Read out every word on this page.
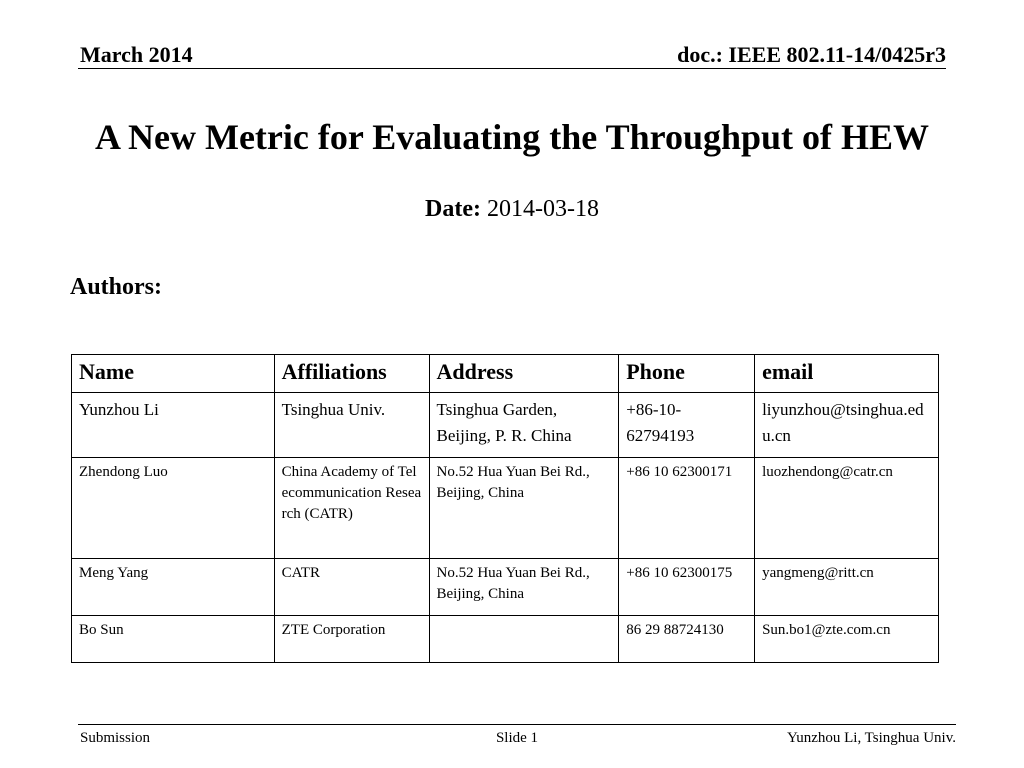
March 2014	doc.: IEEE 802.11-14/0425r3
A New Metric for Evaluating the Throughput of HEW
Date: 2014-03-18
Authors:
Name	Affiliations	Address	Phone	email
Yunzhou Li	Tsinghua Univ.	Tsinghua Garden, Beijing, P. R. China	+86-10-62794193	liyunzhou@tsinghua.edu.cn
Zhendong Luo	China Academy of Telecommunication Research (CATR)	No.52 Hua Yuan Bei Rd., Beijing, China	+86 10 62300171	luozhendong@catr.cn
Meng Yang	CATR	No.52 Hua Yuan Bei Rd., Beijing, China	+86 10 62300175	yangmeng@ritt.cn
Bo Sun	ZTE Corporation		86 29 88724130	Sun.bo1@zte.com.cn
Submission	Slide 1	Yunzhou Li, Tsinghua Univ.
